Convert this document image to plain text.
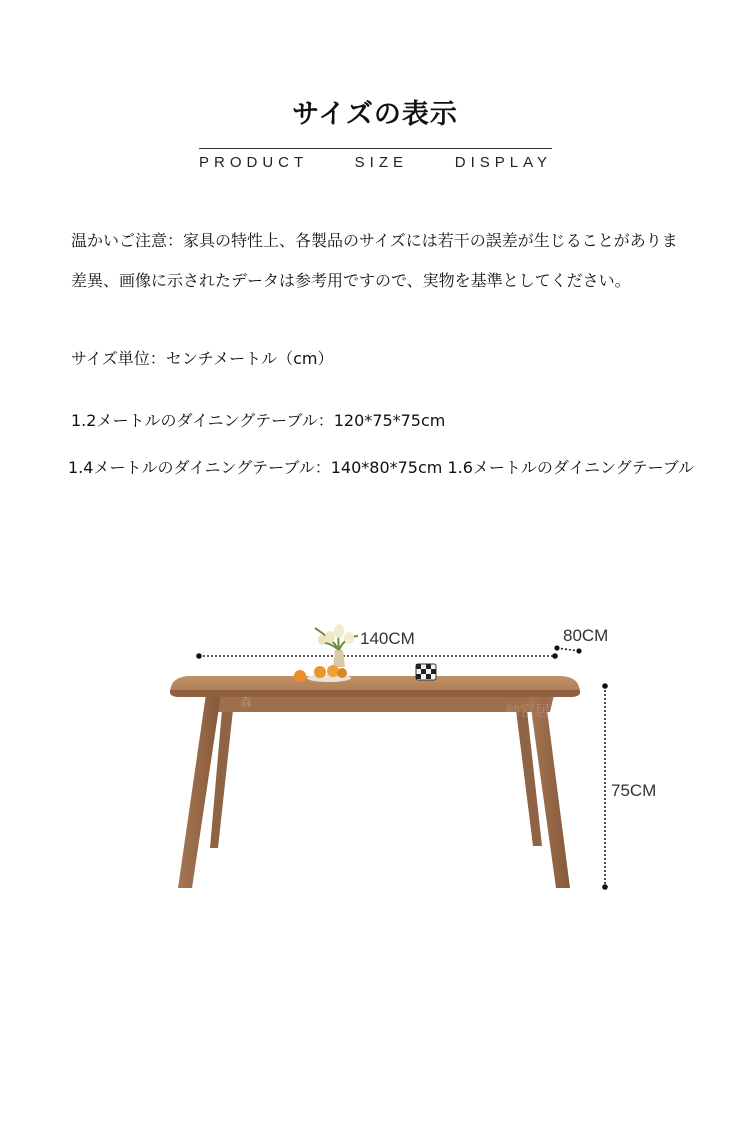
サイズの表示
PRODUCT SIZE DISPLAY
温かいご注意：家具の特性上、各製品のサイズには若干の誤差が生じることがありま
差異、画像に示されたデータは参考用ですので、実物を基準としてください。
サイズ単位：センチメートル（cm）
1.2メートルのダイニングテーブル：120*75*75cm
1.4メートルのダイニングテーブル：140*80*75cm 1.6メートルのダイニングテーブル
森	帅宫居
140CM	80CM
75CM
